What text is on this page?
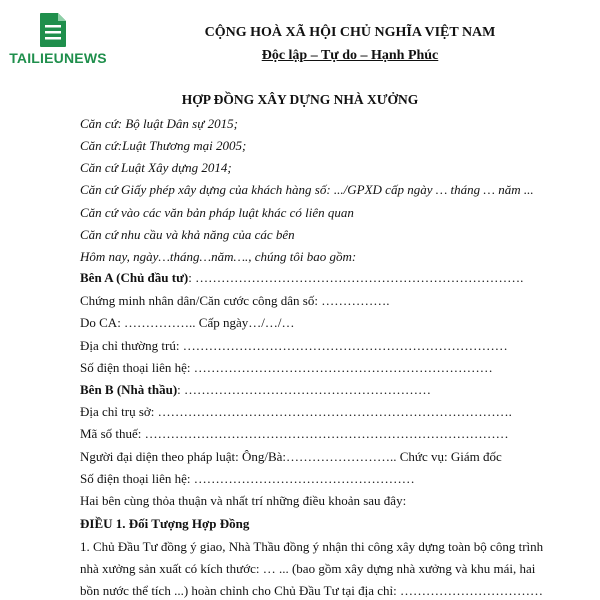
TAILIEUNEWS
CỘNG HOÀ XÃ HỘI CHỦ NGHĨA VIỆT NAM
Độc lập – Tự do – Hạnh Phúc
HỢP ĐỒNG XÂY DỰNG NHÀ XƯỞNG
Căn cứ: Bộ luật Dân sự 2015;
Căn cứ:Luật Thương mại 2005;
Căn cứ Luật Xây dựng 2014;
Căn cứ Giấy phép xây dựng của khách hàng số: .../GPXD cấp ngày … tháng … năm ...
Căn cứ vào các văn bản pháp luật khác có liên quan
Căn cứ nhu cầu và khả năng của các bên
Hôm nay, ngày…tháng…năm…., chúng tôi bao gồm:
Bên A (Chủ đầu tư): ………………………………………………………………….
Chứng minh nhân dân/Căn cước công dân số: …………….
Do CA: …………….. Cấp ngày…/…/…
Địa chỉ thường trú: …………………………………………………………………
Số điện thoại liên hệ: ……………………………………………………………
Bên B (Nhà thầu): …………………………………………………
Địa chỉ trụ sở: ……………………………………………………………………….
Mã số thuế: …………………………………………………………………………
Người đại diện theo pháp luật: Ông/Bà:…………………….. Chức vụ: Giám đốc
Số điện thoại liên hệ: ……………………………………………
Hai bên cùng thỏa thuận và nhất trí những điều khoản sau đây:
ĐIỀU 1. Đối Tượng Hợp Đồng
1. Chủ Đầu Tư đồng ý giao, Nhà Thầu đồng ý nhận thi công xây dựng toàn bộ công trình
nhà xưởng sản xuất có kích thước: … ... (bao gồm xây dựng nhà xưởng và khu mái, hai
bồn nước thể tích ...) hoàn chỉnh cho Chủ Đầu Tư tại địa chỉ: ……………………………
